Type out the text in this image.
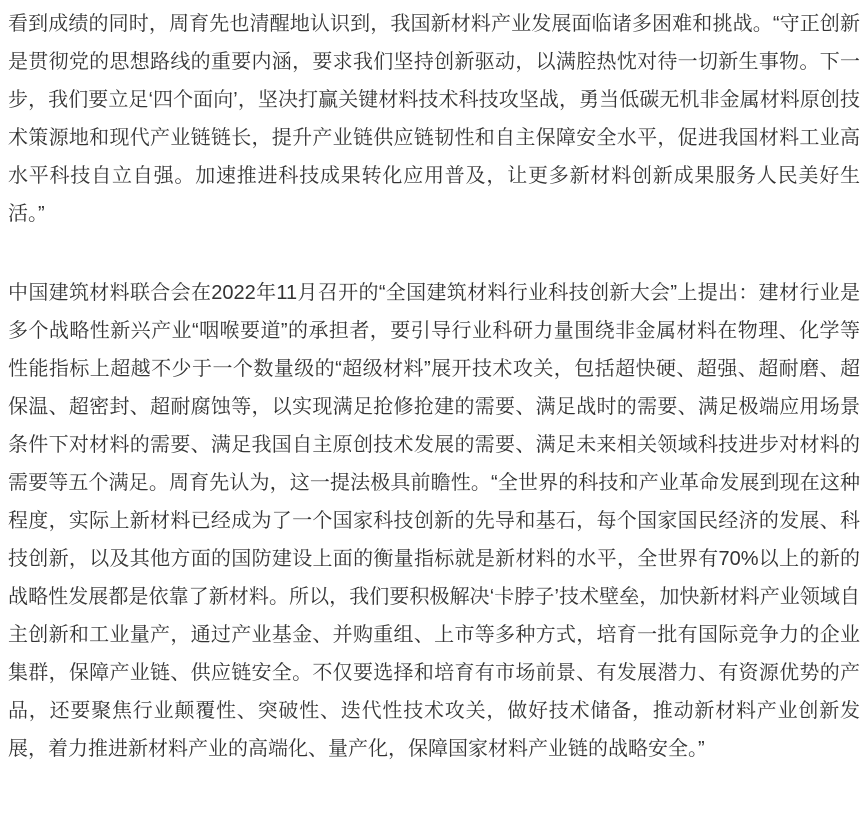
看到成绩的同时，周育先也清醒地认识到，我国新材料产业发展面临诸多困难和挑战。“守正创新是贯彻党的思想路线的重要内涵，要求我们坚持创新驱动，以满腔热忱对待一切新生事物。下一步，我们要立足‘四个面向’，坚决打赢关键材料技术科技攻坚战，勇当低碳无机非金属材料原创技术策源地和现代产业链链长，提升产业链供应链韧性和自主保障安全水平，促进我国材料工业高水平科技自立自强。加速推进科技成果转化应用普及，让更多新材料创新成果服务人民美好生活。”

中国建筑材料联合会在2022年11月召开的“全国建筑材料行业科技创新大会”上提出：建材行业是多个战略性新兴产业“咽喉要道”的承担者，要引导行业科研力量围绕非金属材料在物理、化学等性能指标上超越不少于一个数量级的“超级材料”展开技术攻关，包括超快硬、超强、超耐磨、超保温、超密封、超耐腐蚀等，以实现满足抢修抢建的需要、满足战时的需要、满足极端应用场景条件下对材料的需要、满足我国自主原创技术发展的需要、满足未来相关领域科技进步对材料的需要等五个满足。周育先认为，这一提法极具前瞻性。“全世界的科技和产业革命发展到现在这种程度，实际上新材料已经成为了一个国家科技创新的先导和基石，每个国家国民经济的发展、科技创新，以及其他方面的国防建设上面的衡量指标就是新材料的水平，全世界有70%以上的新的战略性发展都是依靠了新材料。所以，我们要积极解决‘卡脖子’技术壁垒，加快新材料产业领域自主创新和工业量产，通过产业基金、并购重组、上市等多种方式，培育一批有国际竞争力的企业集群，保障产业链、供应链安全。不仅要选择和培育有市场前景、有发展潜力、有资源优势的产品，还要聚焦行业颠覆性、突破性、迭代性技术攻关，做好技术储备，推动新材料产业创新发展，着力推进新材料产业的高端化、量产化，保障国家材料产业链的战略安全。”
